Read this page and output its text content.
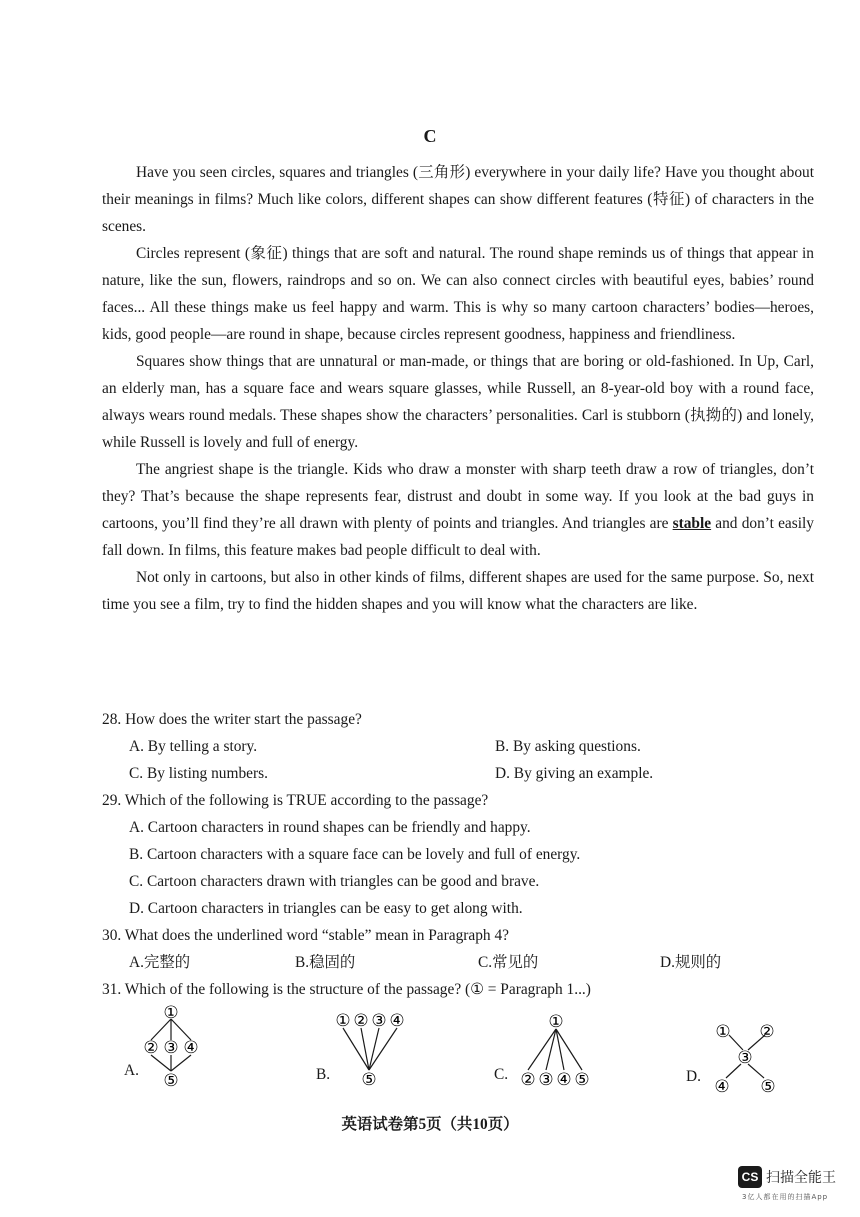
C

Have you seen circles, squares and triangles (三角形) everywhere in your daily life? Have you thought about their meanings in films? Much like colors, different shapes can show different features (特征) of characters in the scenes.

Circles represent (象征) things that are soft and natural. The round shape reminds us of things that appear in nature, like the sun, flowers, raindrops and so on. We can also connect circles with beautiful eyes, babies’ round faces... All these things make us feel happy and warm. This is why so many cartoon characters’ bodies—heroes, kids, good people—are round in shape, because circles represent goodness, happiness and friendliness.

Squares show things that are unnatural or man-made, or things that are boring or old-fashioned. In Up, Carl, an elderly man, has a square face and wears square glasses, while Russell, an 8-year-old boy with a round face, always wears round medals. These shapes show the characters’ personalities. Carl is stubborn (执拗的) and lonely, while Russell is lovely and full of energy.

The angriest shape is the triangle. Kids who draw a monster with sharp teeth draw a row of triangles, don’t they? That’s because the shape represents fear, distrust and doubt in some way. If you look at the bad guys in cartoons, you’ll find they’re all drawn with plenty of points and triangles. And triangles are stable and don’t easily fall down. In films, this feature makes bad people difficult to deal with.

Not only in cartoons, but also in other kinds of films, different shapes are used for the same purpose. So, next time you see a film, try to find the hidden shapes and you will know what the characters are like.

28. How does the writer start the passage?

A. By telling a story.	B. By asking questions.
C. By listing numbers.	D. By giving an example.

29. Which of the following is TRUE according to the passage?

A. Cartoon characters in round shapes can be friendly and happy.
B. Cartoon characters with a square face can be lovely and full of energy.
C. Cartoon characters drawn with triangles can be good and brave.
D. Cartoon characters in triangles can be easy to get along with.

30. What does the underlined word “stable” mean in Paragraph 4?

A.完整的	B.稳固的	C.常见的	D.规则的

31. Which of the following is the structure of the passage? (① = Paragraph 1...)

A.
①
② ③ ④
⑤	B.
① ② ③ ④
⑤	C.
①
② ③ ④ ⑤	D.
① ②
③
④ ⑤
英语试卷第5页（共10页）
CS 扫描全能王
3亿人都在用的扫描App
